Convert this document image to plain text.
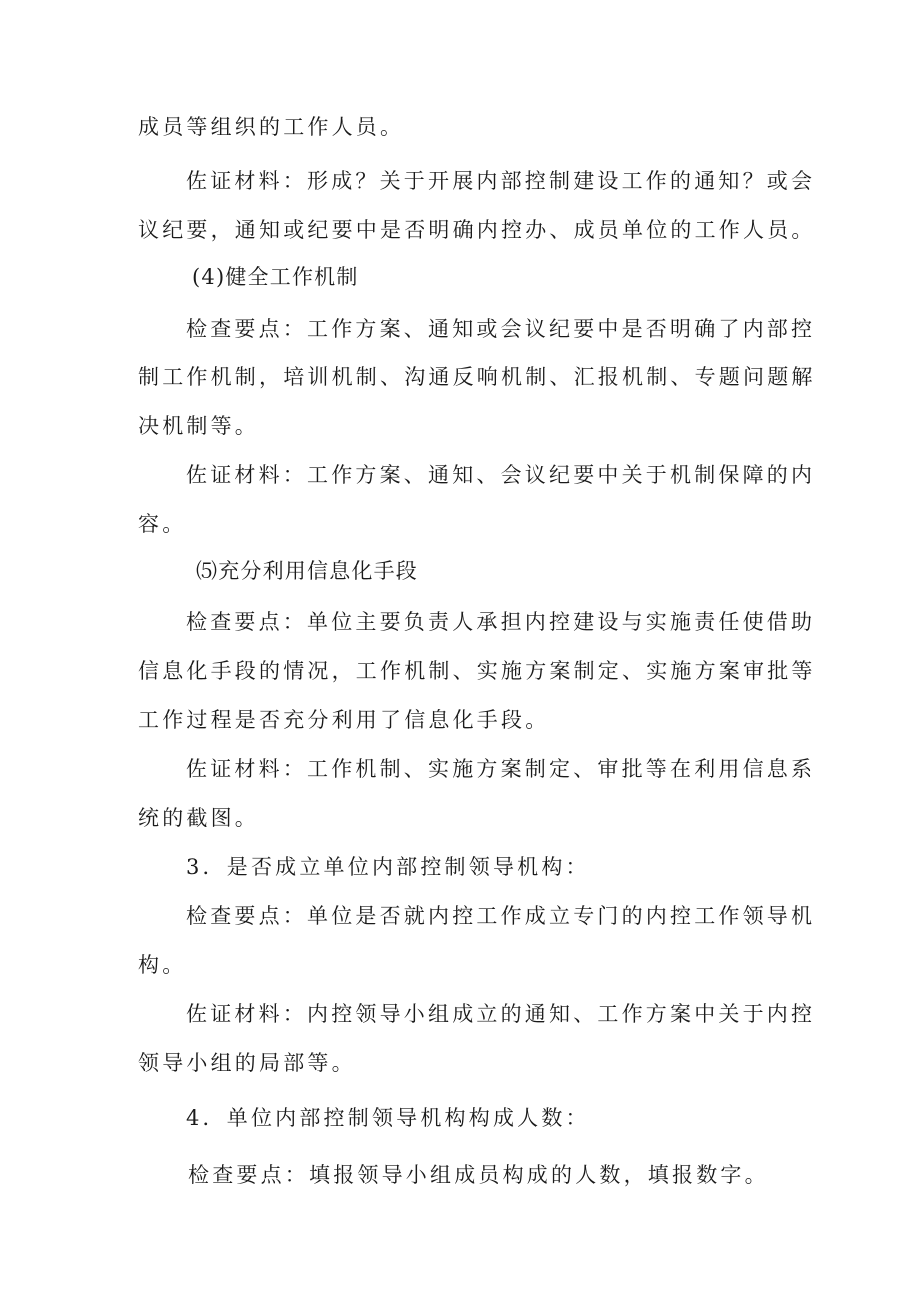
成员等组织的工作人员。
佐证材料：形成？关于开展内部控制建设工作的通知？或会
议纪要，通知或纪要中是否明确内控办、成员单位的工作人员。
(4)健全工作机制
检查要点：工作方案、通知或会议纪要中是否明确了内部控
制工作机制，培训机制、沟通反响机制、汇报机制、专题问题解
决机制等。
佐证材料：工作方案、通知、会议纪要中关于机制保障的内
容。
⑸充分利用信息化手段
检查要点：单位主要负责人承担内控建设与实施责任使借助
信息化手段的情况，工作机制、实施方案制定、实施方案审批等
工作过程是否充分利用了信息化手段。
佐证材料：工作机制、实施方案制定、审批等在利用信息系
统的截图。
3．是否成立单位内部控制领导机构：
检查要点：单位是否就内控工作成立专门的内控工作领导机
构。
佐证材料：内控领导小组成立的通知、工作方案中关于内控
领导小组的局部等。
4．单位内部控制领导机构构成人数：
检查要点：填报领导小组成员构成的人数，填报数字。
